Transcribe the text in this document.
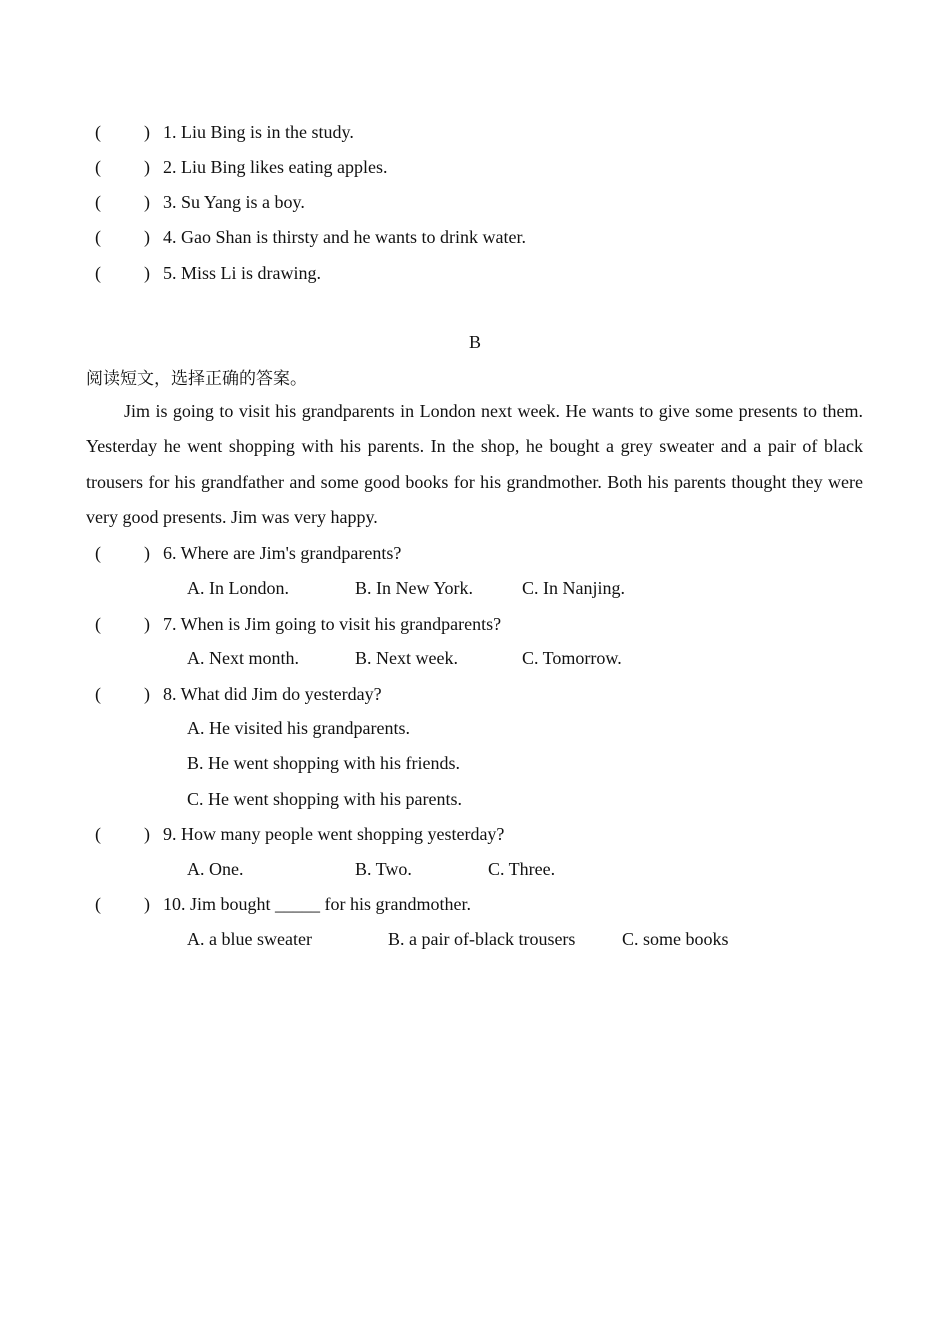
( ) 1. Liu Bing is in the study.
( ) 2. Liu Bing likes eating apples.
( ) 3. Su Yang is a boy.
( ) 4. Gao Shan is thirsty and he wants to drink water.
( ) 5. Miss Li is drawing.
B
阅读短文，选择正确的答案。

Jim is going to visit his grandparents in London next week. He wants to give some presents to them. Yesterday he went shopping with his parents. In the shop, he bought a grey sweater and a pair of black trousers for his grandfather and some good books for his grandmother. Both his parents thought they were very good presents. Jim was very happy.

( ) 6. Where are Jim's grandparents?
A. In London.	B. In New York.	C. In Nanjing.
( ) 7. When is Jim going to visit his grandparents?
A. Next month.	B. Next week.	C. Tomorrow.
( ) 8. What did Jim do yesterday?
A. He visited his grandparents.
B. He went shopping with his friends.
C. He went shopping with his parents.
( ) 9. How many people went shopping yesterday?
A. One.	B. Two.	C. Three.
( ) 10. Jim bought _____ for his grandmother.
A. a blue sweater	B. a pair of-black trousers	C. some books
